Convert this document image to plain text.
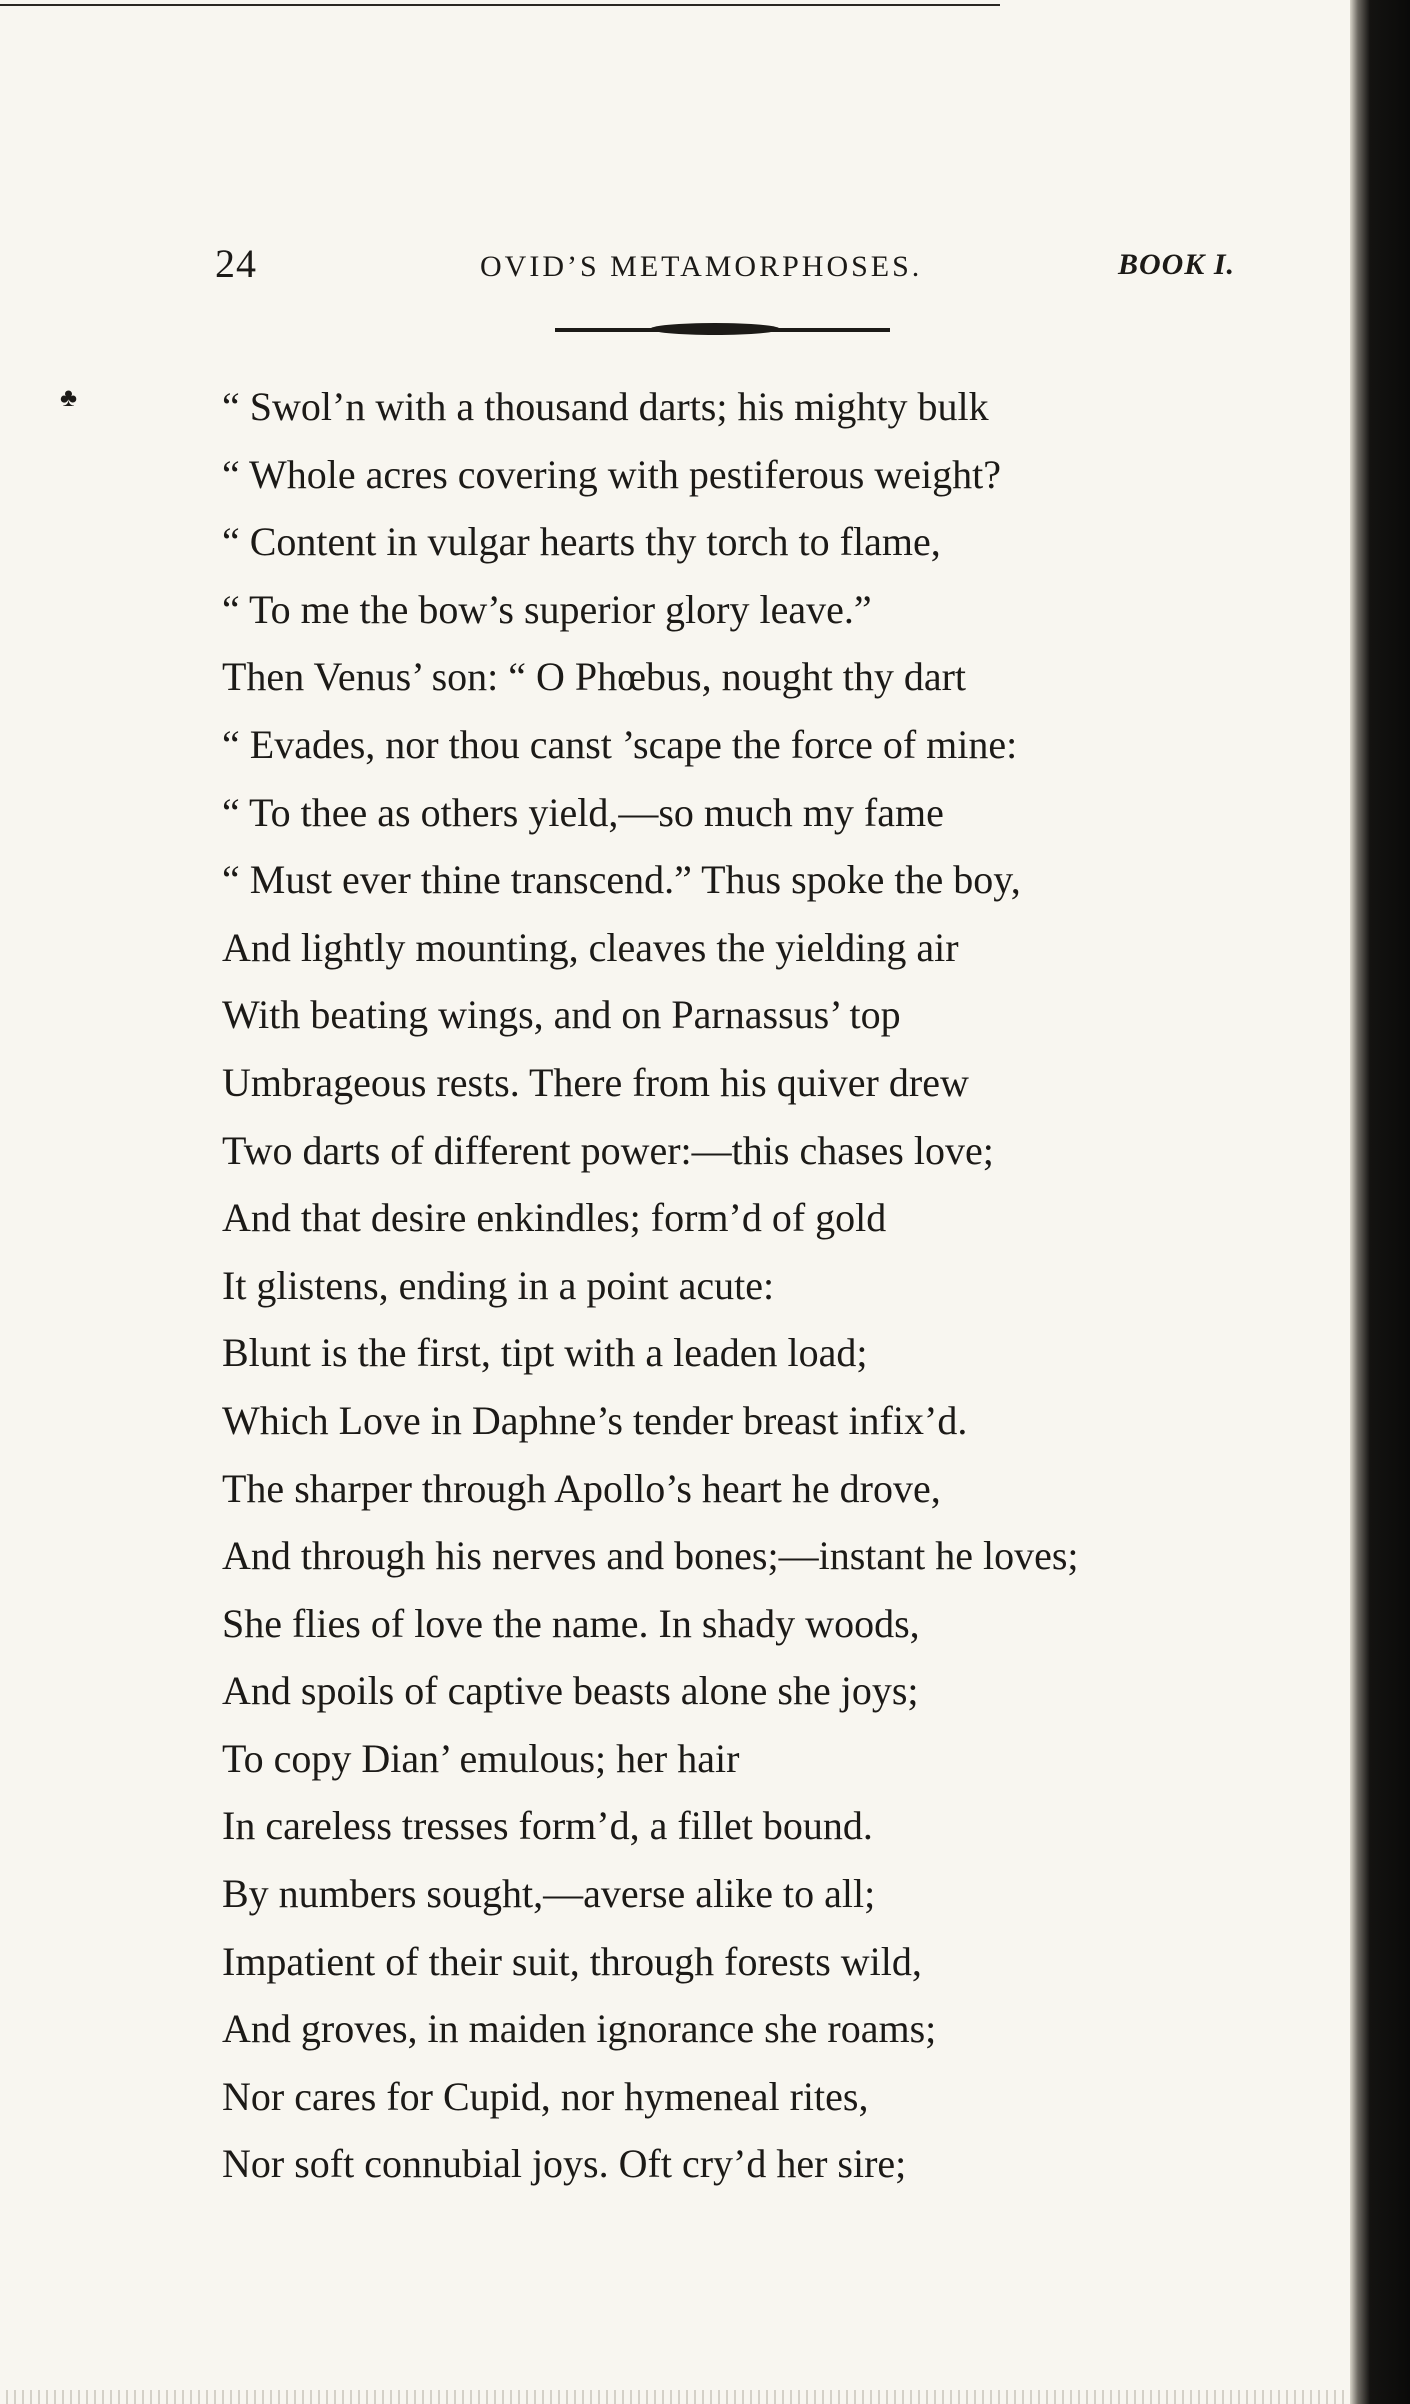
24	OVID’S METAMORPHOSES.	BOOK I.
♣	“ Swol’n with a thousand darts; his mighty bulk
“ Whole acres covering with pestiferous weight?
“ Content in vulgar hearts thy torch to flame,
“ To me the bow’s superior glory leave.”
Then Venus’ son: “ O Phœbus, nought thy dart
“ Evades, nor thou canst ’scape the force of mine:
“ To thee as others yield,—so much my fame
“ Must ever thine transcend.” Thus spoke the boy,
And lightly mounting, cleaves the yielding air
With beating wings, and on Parnassus’ top
Umbrageous rests. There from his quiver drew
Two darts of different power:—this chases love;
And that desire enkindles; form’d of gold
It glistens, ending in a point acute:
Blunt is the first, tipt with a leaden load;
Which Love in Daphne’s tender breast infix’d.
The sharper through Apollo’s heart he drove,
And through his nerves and bones;—instant he loves;
She flies of love the name. In shady woods,
And spoils of captive beasts alone she joys;
To copy Dian’ emulous; her hair
In careless tresses form’d, a fillet bound.
By numbers sought,—averse alike to all;
Impatient of their suit, through forests wild,
And groves, in maiden ignorance she roams;
Nor cares for Cupid, nor hymeneal rites,
Nor soft connubial joys. Oft cry’d her sire;
